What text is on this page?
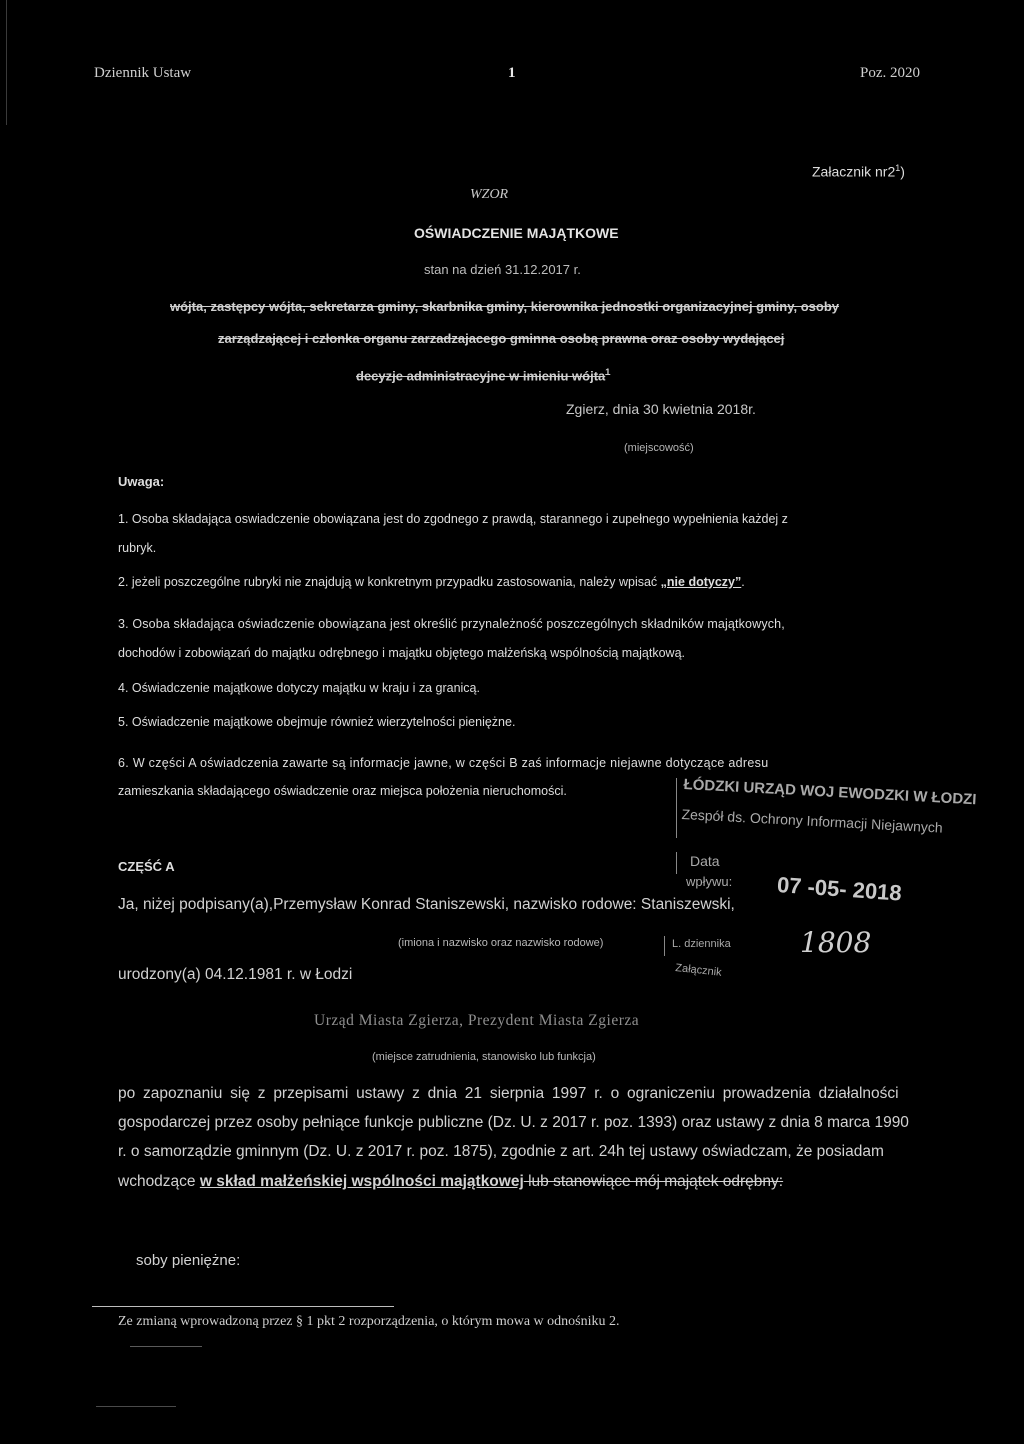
Dziennik Ustaw	1	Poz. 2020
Załacznik $nr2^1$)
WZOR
OŚWIADCZENIE MAJĄTKOWE
stan na dzień 31.12.2017 r.
wójta, zastępcy wójta, sekretarza gminy, skarbnika gminy, kierownika jednostki organizacyjnej gminy, osoby
zarządzającej i członka organu zarzadzajacego gminna osobą prawna oraz osoby wydającej
decyzje administracyjne w imieniu wójta$^1$
Zgierz, dnia 30 kwietnia 2018r.
(miejscowość)
Uwaga:
1. Osoba składająca oswiadczenie obowiązana jest do zgodnego z prawdą, starannego i zupełnego wypełnienia każdej z
rubryk.
2. jeżeli poszczególne rubryki nie znajdują w konkretnym przypadku zastosowania, należy wpisać „nie dotyczy”.
3. Osoba składająca oświadczenie obowiązana jest określić przynależność poszczególnych składników majątkowych,
dochodów i zobowiązań do majątku odrębnego i majątku objętego małżeńską wspólnością majątkową.
4. Oświadczenie majątkowe dotyczy majątku w kraju i za granicą.
5. Oświadczenie majątkowe obejmuje również wierzytelności pieniężne.
6. W części A oświadczenia zawarte są informacje jawne, w części B zaś informacje niejawne dotyczące adresu
zamieszkania składającego oświadczenie oraz miejsca położenia nieruchomości.	ŁÓDZKI URZĄD WOJ EWODZKI W ŁODZI
Zespół ds. Ochrony Informacji Niejawnych
Data
wpływu: 07 -05- 2018
L. dziennika 1808
Załącznik
CZĘŚĆ A
Ja, niżej podpisany(a),Przemysław Konrad Staniszewski, nazwisko rodowe: Staniszewski,
(imiona i nazwisko oraz nazwisko rodowe)
urodzony(a) 04.12.1981 r. w Łodzi
Urząd Miasta Zgierza, Prezydent Miasta Zgierza
(miejsce zatrudnienia, stanowisko lub funkcja)
po zapoznaniu się z przepisami ustawy z dnia 21 sierpnia 1997 r. o ograniczeniu prowadzenia działalności
gospodarczej przez osoby pełniące funkcje publiczne (Dz. U. z 2017 r. poz. 1393) oraz ustawy z dnia 8 marca 1990
r. o samorządzie gminnym (Dz. U. z 2017 r. poz. 1875), zgodnie z art. 24h tej ustawy oświadczam, że posiadam
wchodzące w skład małżeńskiej wspólności majątkowej lub stanowiące mój majątek odrębny:
soby pieniężne:
Ze zmianą wprowadzoną przez § 1 pkt 2 rozporządzenia, o którym mowa w odnośniku 2.
